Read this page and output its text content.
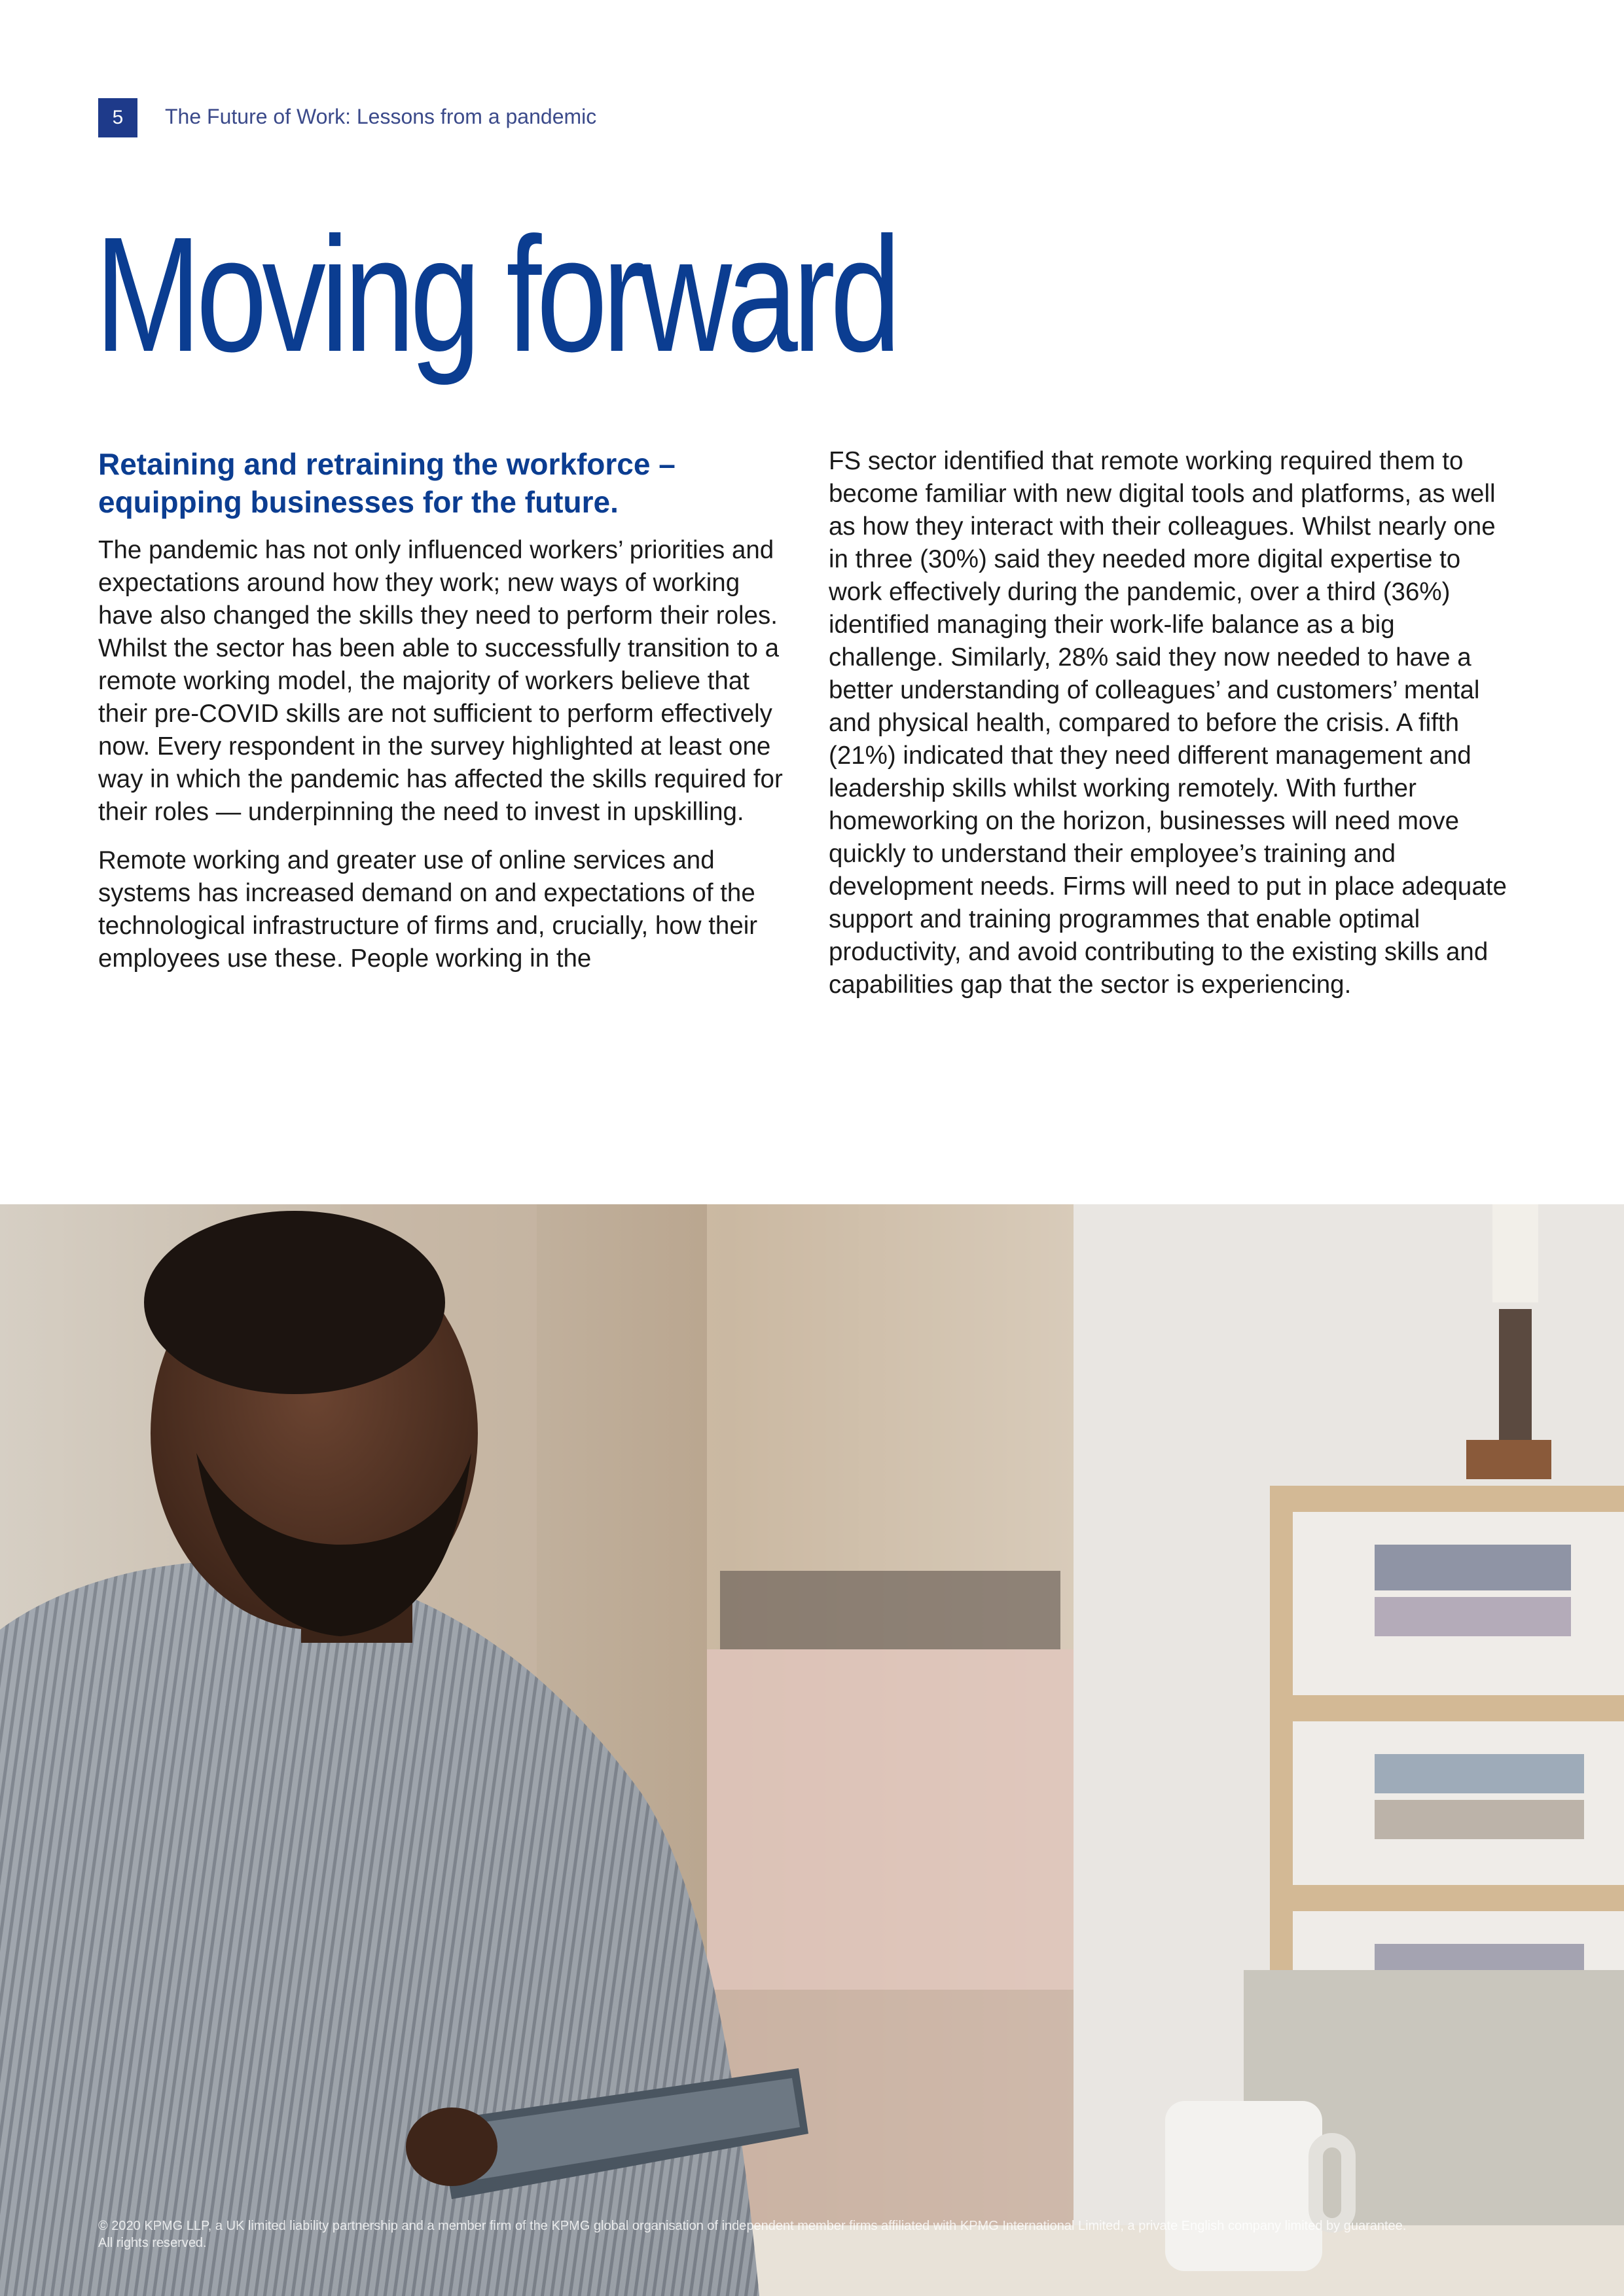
5	The Future of Work: Lessons from a pandemic
Moving forward
Retaining and retraining the workforce –
equipping businesses for the future.

The pandemic has not only influenced workers’ priorities and expectations around how they work; new ways of working have also changed the skills they need to perform their roles. Whilst the sector has been able to successfully transition to a remote working model, the majority of workers believe that their pre-COVID skills are not sufficient to perform effectively now. Every respondent in the survey highlighted at least one way in which the pandemic has affected the skills required for their roles — underpinning the need to invest in upskilling.

Remote working and greater use of online services and systems has increased demand on and expectations of the technological infrastructure of firms and, crucially, how their employees use these. People working in the

FS sector identified that remote working required them to become familiar with new digital tools and platforms, as well as how they interact with their colleagues. Whilst nearly one in three (30%) said they needed more digital expertise to work effectively during the pandemic, over a third (36%) identified managing their work-life balance as a big challenge. Similarly, 28% said they now needed to have a better understanding of colleagues’ and customers’ mental and physical health, compared to before the crisis. A fifth (21%) indicated that they need different management and leadership skills whilst working remotely. With further homeworking on the horizon, businesses will need move quickly to understand their employee’s training and development needs. Firms will need to put in place adequate support and training programmes that enable optimal productivity, and avoid contributing to the existing skills and capabilities gap that the sector is experiencing.

© 2020 KPMG LLP, a UK limited liability partnership and a member firm of the KPMG global organisation of independent member firms affiliated with KPMG International Limited, a private English company limited by guarantee.
All rights reserved.
